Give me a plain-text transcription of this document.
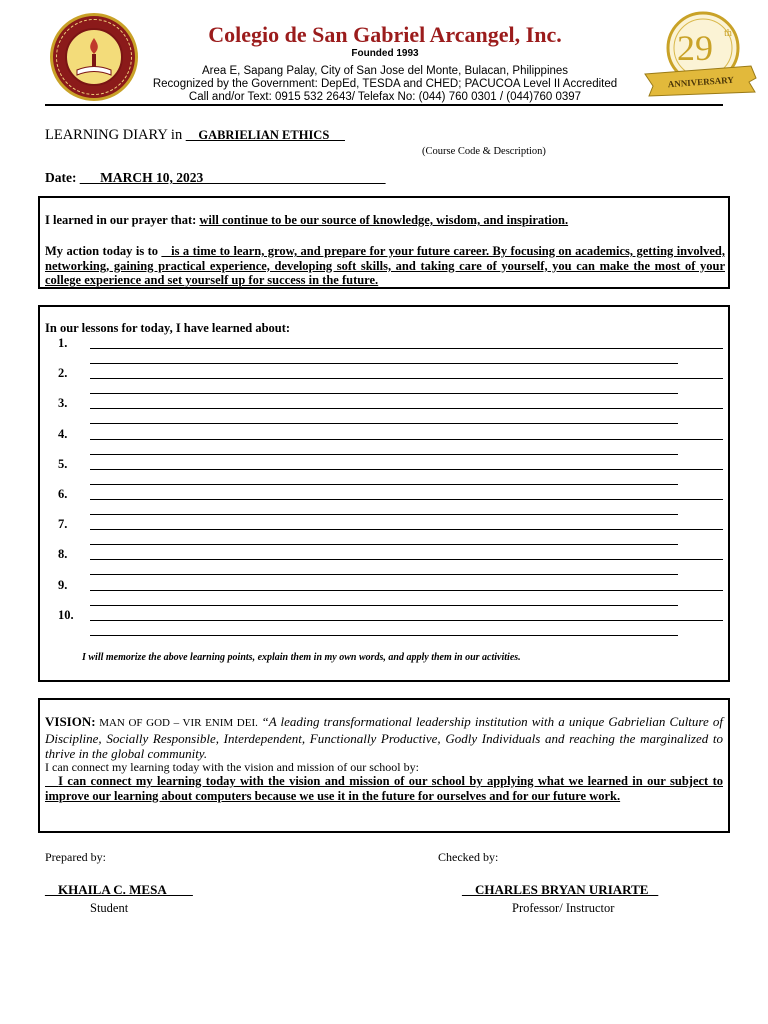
Colegio de San Gabriel Arcangel, Inc.
Founded 1993
Area E, Sapang Palay, City of San Jose del Monte, Bulacan, Philippines
Recognized by the Government: DepEd, TESDA and CHED; PACUCOA Level II Accredited
Call and/or Text: 0915 532 2643/ Telefax No: (044) 760 0301 / (044)760 0397
29 th
ANNIVERSARY
LEARNING DIARY in __GABRIELIAN ETHICS __
(Course Code & Description)
Date: ___MARCH 10, 2023___________________________
I learned in our prayer that: will continue to be our source of knowledge, wisdom, and inspiration.
My action today is to _ is a time to learn, grow, and prepare for your future career. By focusing on academics, getting involved, networking, gaining practical experience, developing soft skills, and taking care of yourself, you can make the most of your college experience and set yourself up for success in the future.
In our lessons for today, I have learned about:
1.
2.
3.
4.
5.
6.
7.
8.
9.
10.
I will memorize the above learning points, explain them in my own words, and apply them in our activities.
VISION: MAN OF GOD – VIR ENIM DEI. “A leading transformational leadership institution with a unique Gabrielian Culture of Discipline, Socially Responsible, Interdependent, Functionally Productive, Godly Individuals and reaching the marginalized to thrive in the global community.
I can connect my learning today with the vision and mission of our school by:
I can connect my learning today with the vision and mission of our school by applying what we learned in our subject to improve our learning about computers because we use it in the future for ourselves and for our future work.
Prepared by:	Checked by:
__KHAILA C. MESA____	__CHARLES BRYAN URIARTE _
Student	Professor/ Instructor
